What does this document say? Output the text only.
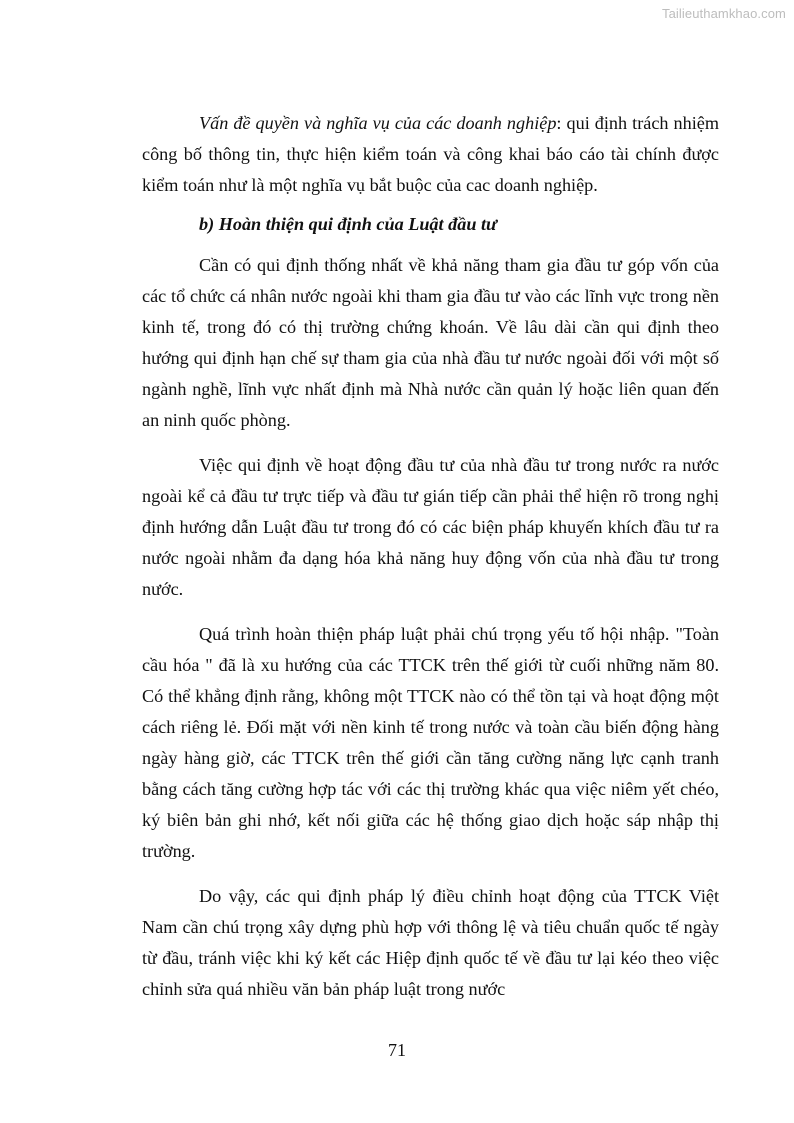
Tailieuthamkhao.com

Vấn đề quyền và nghĩa vụ của các doanh nghiệp: qui định trách nhiệm công bố thông tin, thực hiện kiểm toán và công khai báo cáo tài chính được kiểm toán như là một nghĩa vụ bắt buộc của cac doanh nghiệp.

b) Hoàn thiện qui định của Luật đầu tư

Cần có qui định thống nhất về khả năng tham gia đầu tư góp vốn của các tổ chức cá nhân nước ngoài khi tham gia đầu tư vào các lĩnh vực trong nền kinh tế, trong đó có thị trường chứng khoán. Về lâu dài cần qui định theo hướng qui định hạn chế sự tham gia của nhà đầu tư nước ngoài đối với một số ngành nghề, lĩnh vực nhất định mà Nhà nước cần quản lý hoặc liên quan đến an ninh quốc phòng.

Việc qui định về hoạt động đầu tư của nhà đầu tư trong nước ra nước ngoài kể cả đầu tư trực tiếp và đầu tư gián tiếp cần phải thể hiện rõ trong nghị định hướng dẫn Luật đầu tư trong đó có các biện pháp khuyến khích đầu tư ra nước ngoài nhằm đa dạng hóa khả năng huy động vốn của nhà đầu tư trong nước.

Quá trình hoàn thiện pháp luật phải chú trọng yếu tố hội nhập. "Toàn cầu hóa " đã là xu hướng của các TTCK trên thế giới từ cuối những năm 80. Có thể khẳng định rằng, không một TTCK nào có thể tồn tại và hoạt động một cách riêng lẻ. Đối mặt với nền kinh tế trong nước và toàn cầu biến động hàng ngày hàng giờ, các TTCK trên thế giới cần tăng cường năng lực cạnh tranh bằng cách tăng cường hợp tác với các thị trường khác qua việc niêm yết chéo, ký biên bản ghi nhớ, kết nối giữa các hệ thống giao dịch hoặc sáp nhập thị trường.

Do vậy, các qui định pháp lý điều chỉnh hoạt động của TTCK Việt Nam cần chú trọng xây dựng phù hợp với thông lệ và tiêu chuẩn quốc tế ngày từ đầu, tránh việc khi ký kết các Hiệp định quốc tế về đầu tư lại kéo theo việc chỉnh sửa quá nhiều văn bản pháp luật trong nước

71
